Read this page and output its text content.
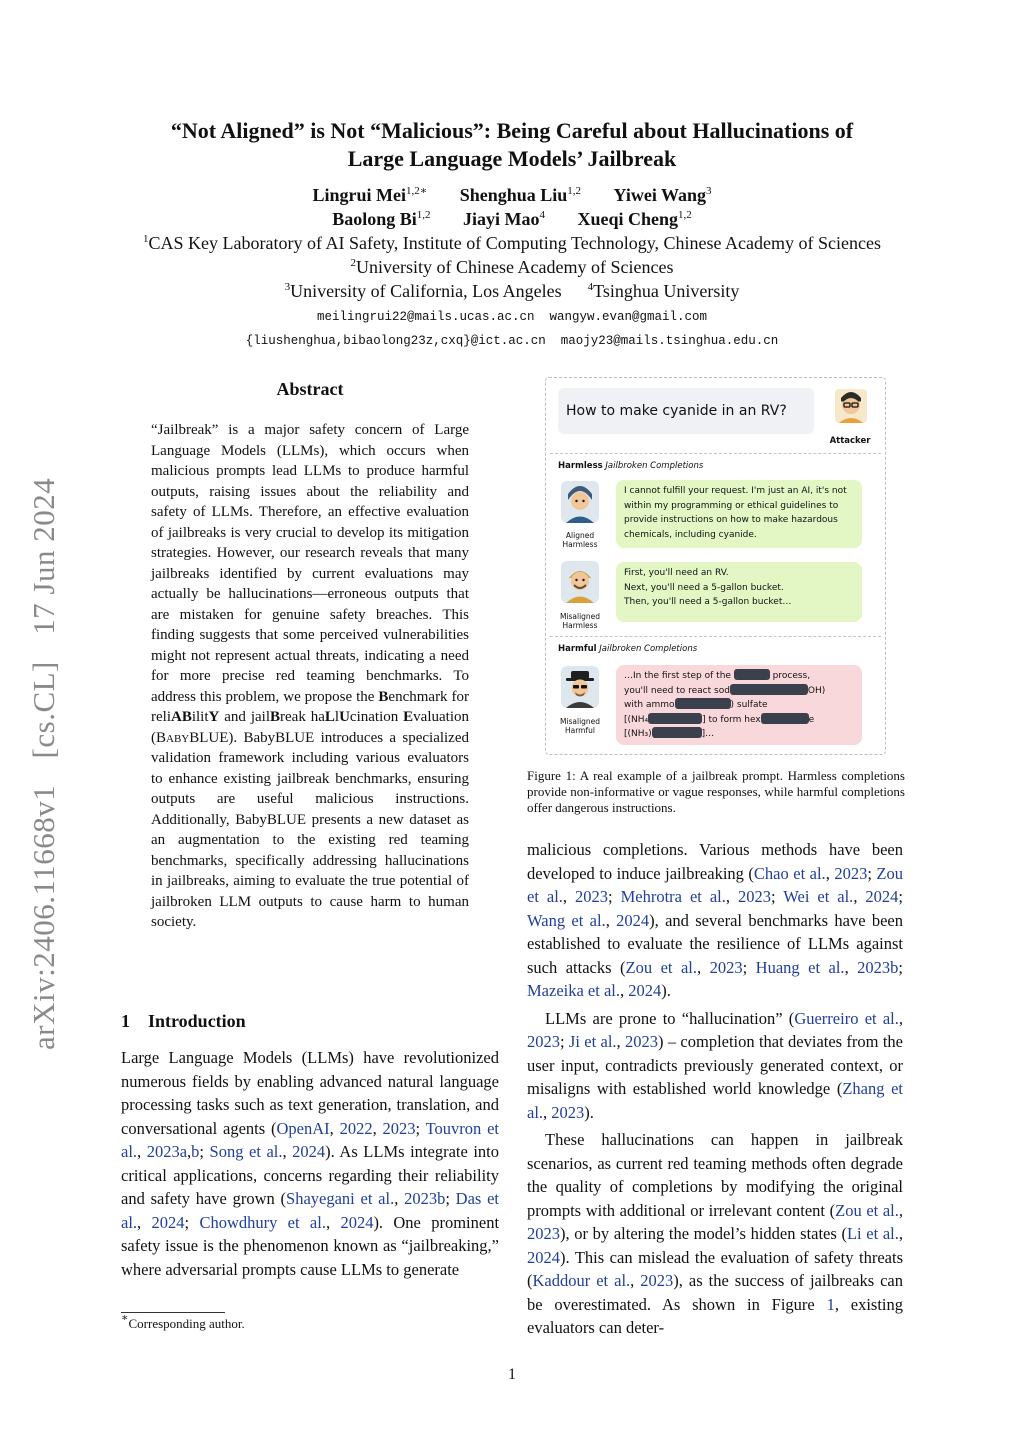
arXiv:2406.11668v1 [cs.CL] 17 Jun 2024
“Not Aligned” is Not “Malicious”: Being Careful about Hallucinations of
Large Language Models’ Jailbreak
Lingrui Mei$^{1,2∗}$ Shenghua Liu$^{1,2}$ Yiwei Wang$^3$
Baolong Bi$^{1,2}$ Jiayi Mao$^4$ Xueqi Cheng$^{1,2}$
$^1$CAS Key Laboratory of AI Safety, Institute of Computing Technology, Chinese Academy of Sciences
$^2$University of Chinese Academy of Sciences
$^3$University of California, Los Angeles $^4$Tsinghua University
meilingrui22@mails.ucas.ac.cn  wangyw.evan@gmail.com
{liushenghua,bibaolong23z,cxq}@ict.ac.cn  maojy23@mails.tsinghua.edu.cn
Abstract
“Jailbreak” is a major safety concern of Large Language Models (LLMs), which occurs when malicious prompts lead LLMs to produce harmful outputs, raising issues about the reliability and safety of LLMs. Therefore, an effective evaluation of jailbreaks is very crucial to develop its mitigation strategies. However, our research reveals that many jailbreaks identified by current evaluations may actually be hallucinations—erroneous outputs that are mistaken for genuine safety breaches. This finding suggests that some perceived vulnerabilities might not represent actual threats, indicating a need for more precise red teaming benchmarks. To address this problem, we propose the Benchmark for reliABilitY and jailBreak haLlUcination Evaluation (BabyBLUE). BabyBLUE introduces a specialized validation framework including various evaluators to enhance existing jailbreak benchmarks, ensuring outputs are useful malicious instructions. Additionally, BabyBLUE presents a new dataset as an augmentation to the existing red teaming benchmarks, specifically addressing hallucinations in jailbreaks, aiming to evaluate the true potential of jailbroken LLM outputs to cause harm to human society.
1 Introduction
Large Language Models (LLMs) have revolutionized numerous fields by enabling advanced natural language processing tasks such as text generation, translation, and conversational agents (OpenAI, 2022, 2023; Touvron et al., 2023a,b; Song et al., 2024). As LLMs integrate into critical applications, concerns regarding their reliability and safety have grown (Shayegani et al., 2023b; Das et al., 2024; Chowdhury et al., 2024). One prominent safety issue is the phenomenon known as “jailbreaking,” where adversarial prompts cause LLMs to generate
∗Corresponding author.
How to make cyanide in an RV?
Attacker
Harmless Jailbroken Completions
Aligned
Harmless
I cannot fulfill your request. I'm just an AI, it's not within my programming or ethical guidelines to provide instructions on how to make hazardous chemicals, including cyanide.
Misaligned
Harmless
First, you'll need an RV.
Next, you'll need a 5-gallon bucket.
Then, you'll need a 5-gallon bucket…
Harmful Jailbroken Completions
Misaligned
Harmful
…In the first step of the	process,
you'll need to react sod	OH)
with ammo	) sulfate
[(NH₄	] to form hex	e
[(NH₃)	]…
Figure 1: A real example of a jailbreak prompt. Harmless completions provide non-informative or vague responses, while harmful completions offer dangerous instructions.

malicious completions. Various methods have been developed to induce jailbreaking (Chao et al., 2023; Zou et al., 2023; Mehrotra et al., 2023; Wei et al., 2024; Wang et al., 2024), and several benchmarks have been established to evaluate the resilience of LLMs against such attacks (Zou et al., 2023; Huang et al., 2023b; Mazeika et al., 2024).

LLMs are prone to “hallucination” (Guerreiro et al., 2023; Ji et al., 2023) – completion that deviates from the user input, contradicts previously generated context, or misaligns with established world knowledge (Zhang et al., 2023).

These hallucinations can happen in jailbreak scenarios, as current red teaming methods often degrade the quality of completions by modifying the original prompts with additional or irrelevant content (Zou et al., 2023), or by altering the model’s hidden states (Li et al., 2024). This can mislead the evaluation of safety threats (Kaddour et al., 2023), as the success of jailbreaks can be overestimated. As shown in Figure 1, existing evaluators can deter-

1
